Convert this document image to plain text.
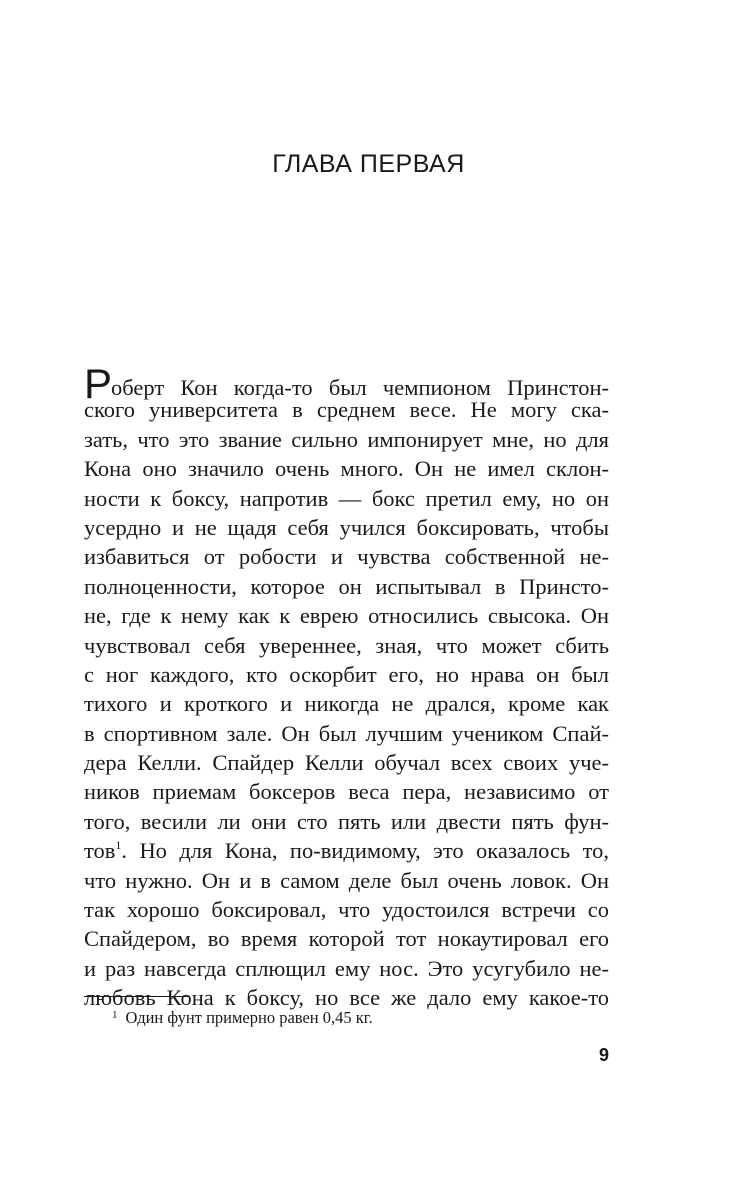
ГЛАВА ПЕРВАЯ
Роберт Кон когда-то был чемпионом Принстон-
ского университета в среднем весе. Не могу ска-
зать, что это звание сильно импонирует мне, но для
Кона оно значило очень много. Он не имел склон-
ности к боксу, напротив — бокс претил ему, но он
усердно и не щадя себя учился боксировать, чтобы
избавиться от робости и чувства собственной не-
полноценности, которое он испытывал в Принсто-
не, где к нему как к еврею относились свысока. Он
чувствовал себя увереннее, зная, что может сбить
с ног каждого, кто оскорбит его, но нрава он был
тихого и кроткого и никогда не дрался, кроме как
в спортивном зале. Он был лучшим учеником Спай-
дера Келли. Спайдер Келли обучал всех своих уче-
ников приемам боксеров веса пера, независимо от
того, весили ли они сто пять или двести пять фун-
тов$^1$. Но для Кона, по-видимому, это оказалось то,
что нужно. Он и в самом деле был очень ловок. Он
так хорошо боксировал, что удостоился встречи со
Спайдером, во время которой тот нокаутировал его
и раз навсегда сплющил ему нос. Это усугубило не-
любовь Кона к боксу, но все же дало ему какое-то
$^1$ Один фунт примерно равен 0,45 кг.
9
